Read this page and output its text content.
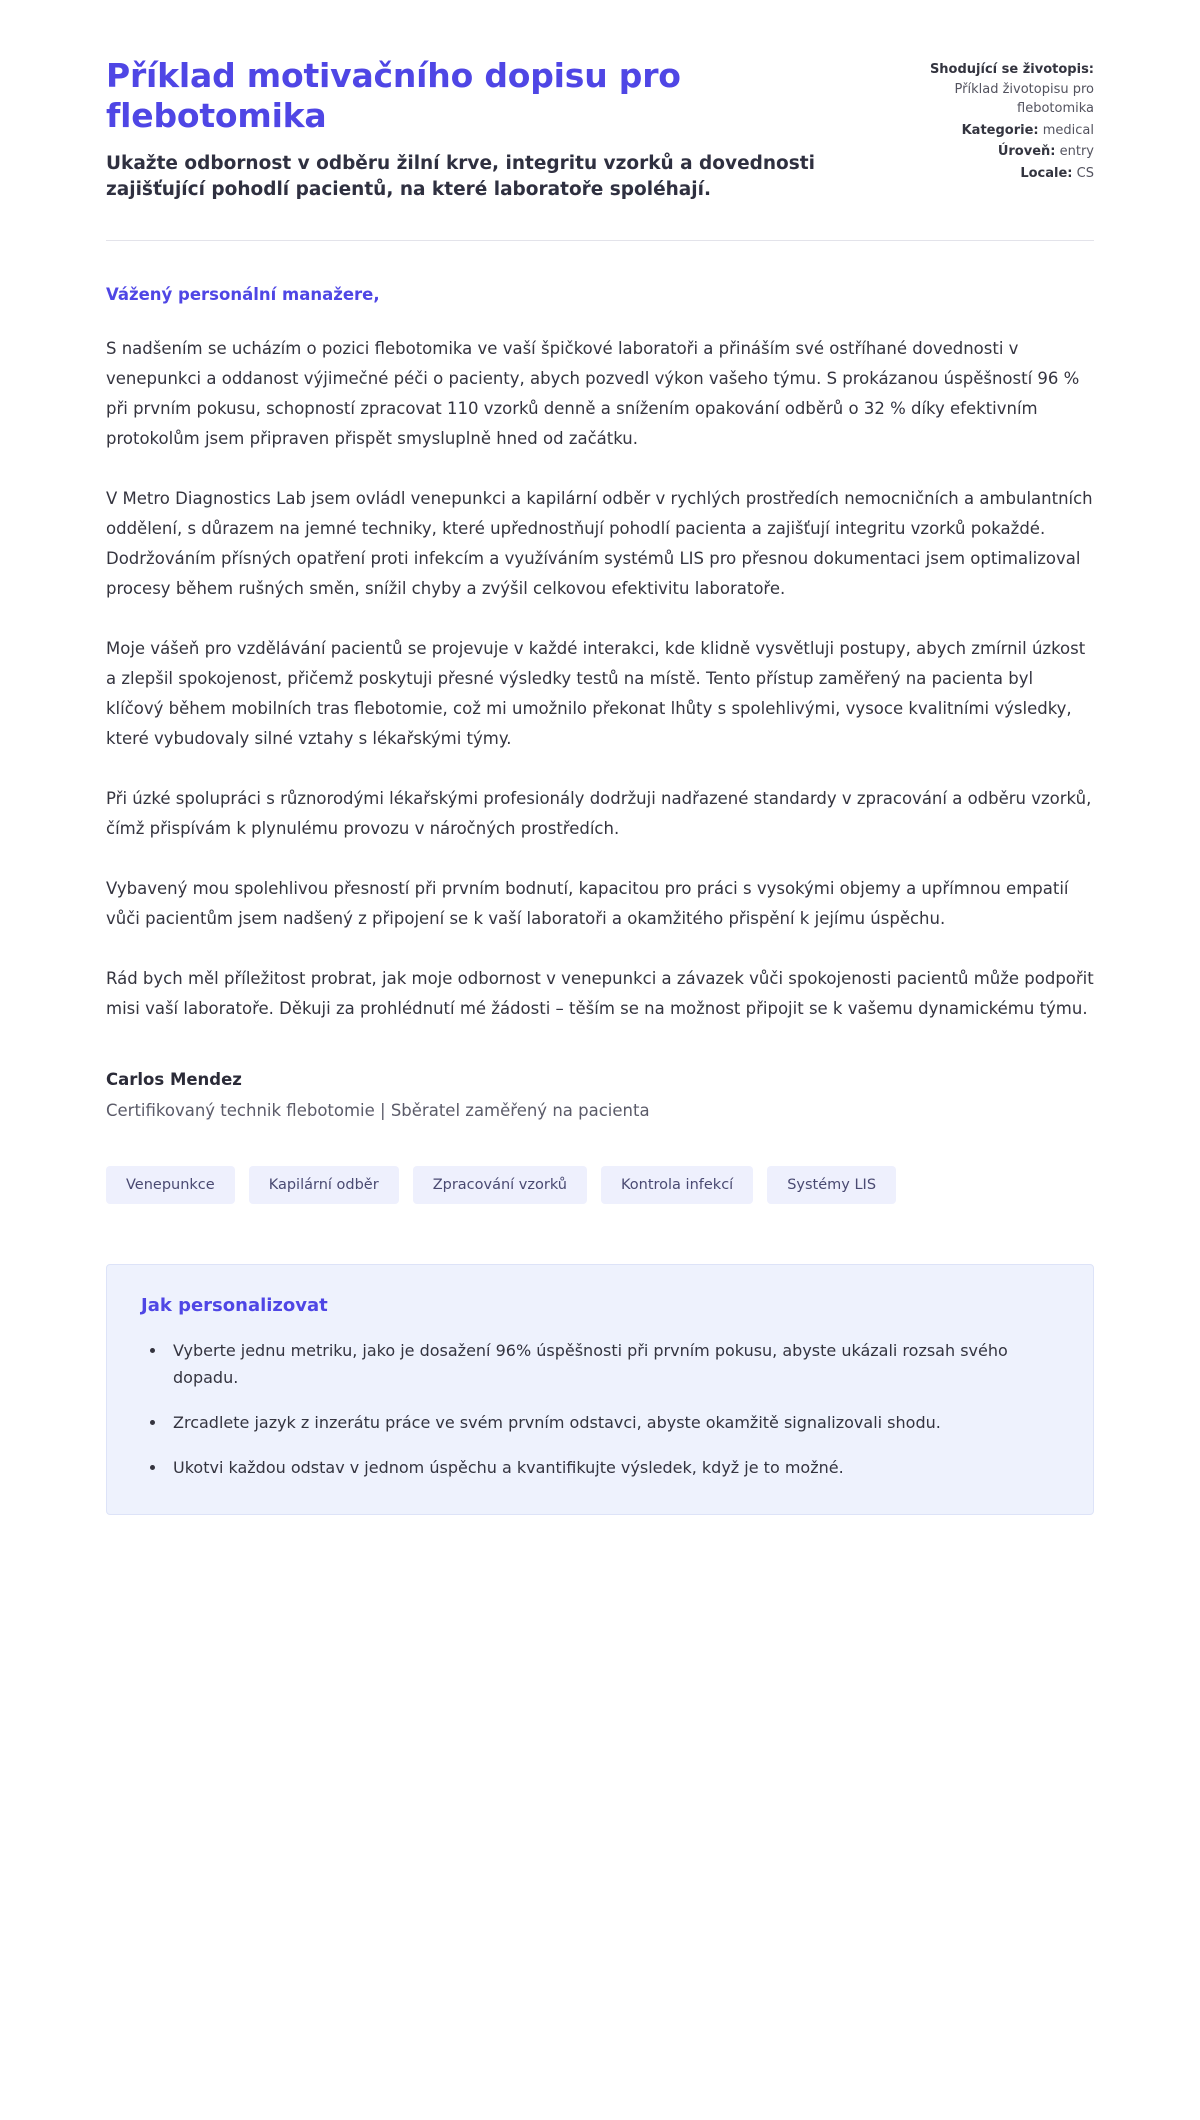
Příklad motivačního dopisu pro flebotomika

Ukažte odbornost v odběru žilní krve, integritu vzorků a dovednosti zajišťující pohodlí pacientů, na které laboratoře spoléhají.

Shodující se životopis: Příklad životopisu pro flebotomika
Kategorie: medical
Úroveň: entry
Locale: CS

Vážený personální manažere,

S nadšením se ucházím o pozici flebotomika ve vaší špičkové laboratoři a přináším své ostříhané dovednosti v venepunkci a oddanost výjimečné péči o pacienty, abych pozvedl výkon vašeho týmu. S prokázanou úspěšností 96 % při prvním pokusu, schopností zpracovat 110 vzorků denně a snížením opakování odběrů o 32 % díky efektivním protokolům jsem připraven přispět smysluplně hned od začátku.

V Metro Diagnostics Lab jsem ovládl venepunkci a kapilární odběr v rychlých prostředích nemocničních a ambulantních oddělení, s důrazem na jemné techniky, které upřednostňují pohodlí pacienta a zajišťují integritu vzorků pokaždé. Dodržováním přísných opatření proti infekcím a využíváním systémů LIS pro přesnou dokumentaci jsem optimalizoval procesy během rušných směn, snížil chyby a zvýšil celkovou efektivitu laboratoře.

Moje vášeň pro vzdělávání pacientů se projevuje v každé interakci, kde klidně vysvětluji postupy, abych zmírnil úzkost a zlepšil spokojenost, přičemž poskytuji přesné výsledky testů na místě. Tento přístup zaměřený na pacienta byl klíčový během mobilních tras flebotomie, což mi umožnilo překonat lhůty s spolehlivými, vysoce kvalitními výsledky, které vybudovaly silné vztahy s lékařskými týmy.

Při úzké spolupráci s různorodými lékařskými profesionály dodržuji nadřazené standardy v zpracování a odběru vzorků, čímž přispívám k plynulému provozu v náročných prostředích.

Vybavený mou spolehlivou přesností při prvním bodnutí, kapacitou pro práci s vysokými objemy a upřímnou empatií vůči pacientům jsem nadšený z připojení se k vaší laboratoři a okamžitého přispění k jejímu úspěchu.

Rád bych měl příležitost probrat, jak moje odbornost v venepunkci a závazek vůči spokojenosti pacientů může podpořit misi vaší laboratoře. Děkuji za prohlédnutí mé žádosti – těším se na možnost připojit se k vašemu dynamickému týmu.

Carlos Mendez

Certifikovaný technik flebotomie | Sběratel zaměřený na pacienta

Venepunkce	Kapilární odběr	Zpracování vzorků	Kontrola infekcí	Systémy LIS
Jak personalizovat
• Vyberte jednu metriku, jako je dosažení 96% úspěšnosti při prvním pokusu, abyste ukázali rozsah svého dopadu.
• Zrcadlete jazyk z inzerátu práce ve svém prvním odstavci, abyste okamžitě signalizovali shodu.
• Ukotvi každou odstav v jednom úspěchu a kvantifikujte výsledek, když je to možné.
